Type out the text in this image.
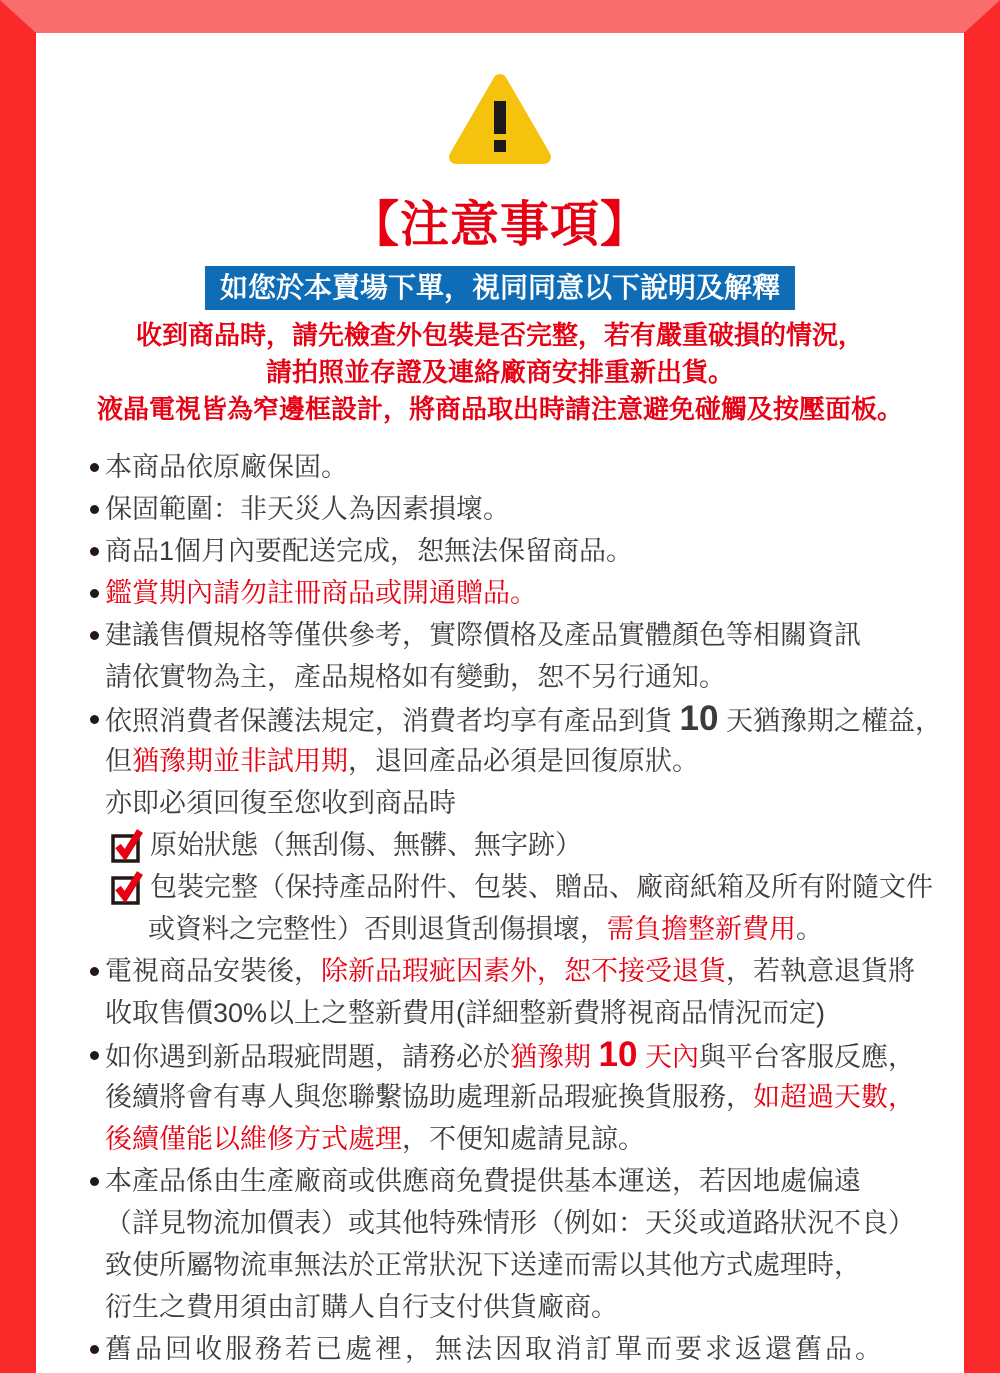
【注意事項】
如您於本賣場下單，視同同意以下說明及解釋
收到商品時，請先檢查外包裝是否完整，若有嚴重破損的情況，
請拍照並存證及連絡廠商安排重新出貨。
液晶電視皆為窄邊框設計，將商品取出時請注意避免碰觸及按壓面板。
本商品依原廠保固。
保固範圍：非天災人為因素損壞。
商品1個月內要配送完成，恕無法保留商品。
鑑賞期內請勿註冊商品或開通贈品。
建議售價規格等僅供參考，實際價格及產品實體顏色等相關資訊
請依實物為主，產品規格如有變動，恕不另行通知。
依照消費者保護法規定，消費者均享有產品到貨 10 天猶豫期之權益，
但猶豫期並非試用期，退回產品必須是回復原狀。
亦即必須回復至您收到商品時
原始狀態（無刮傷、無髒、無字跡）
包裝完整（保持產品附件、包裝、贈品、廠商紙箱及所有附隨文件
或資料之完整性）否則退貨刮傷損壞，需負擔整新費用。
電視商品安裝後，除新品瑕疵因素外，恕不接受退貨，若執意退貨將
收取售價30%以上之整新費用(詳細整新費將視商品情況而定)
如你遇到新品瑕疵問題，請務必於猶豫期 10 天內與平台客服反應，
後續將會有專人與您聯繫協助處理新品瑕疵換貨服務，如超過天數，
後續僅能以維修方式處理，不便知處請見諒。
本產品係由生產廠商或供應商免費提供基本運送，若因地處偏遠
（詳見物流加價表）或其他特殊情形（例如：天災或道路狀況不良）
致使所屬物流車無法於正常狀況下送達而需以其他方式處理時，
衍生之費用須由訂購人自行支付供貨廠商。
舊品回收服務若已處裡，無法因取消訂單而要求返還舊品。
